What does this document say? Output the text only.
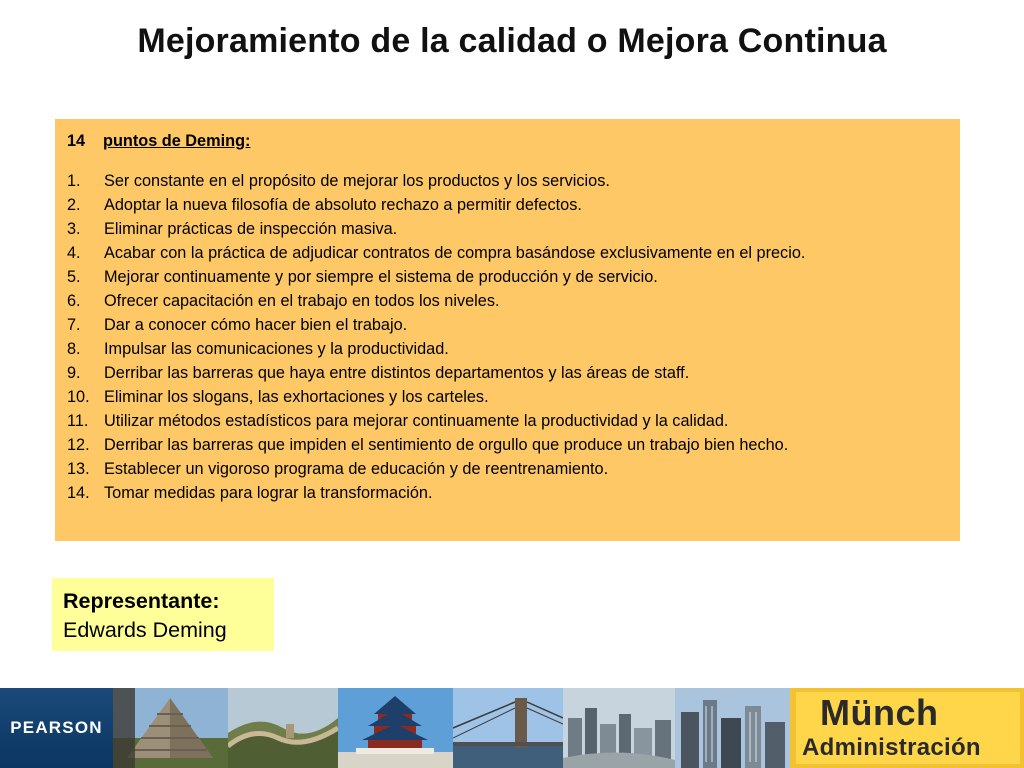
Mejoramiento de la calidad o Mejora Continua
14	puntos de Deming:
1.	Ser constante en el propósito de mejorar los productos y los servicios.
2.	Adoptar la nueva filosofía de absoluto rechazo a permitir defectos.
3.	Eliminar prácticas de inspección masiva.
4.	Acabar con la práctica de adjudicar contratos de compra basándose exclusivamente en el precio.
5.	Mejorar continuamente y por siempre el sistema de producción y de servicio.
6.	Ofrecer capacitación en el trabajo en todos los niveles.
7.	Dar a conocer cómo hacer bien el trabajo.
8.	Impulsar las comunicaciones y la productividad.
9.	Derribar las barreras que haya entre distintos departamentos y las áreas de staff.
10. Eliminar los slogans, las exhortaciones y los carteles.
11. Utilizar métodos estadísticos para mejorar continuamente la productividad y la calidad.
12. Derribar las barreras que impiden el sentimiento de orgullo que produce un trabajo bien hecho.
13. Establecer un vigoroso programa de educación y de reentrenamiento.
14. Tomar medidas para lograr la transformación.
Representante:
Edwards Deming
PEARSON	Münch
Administración
